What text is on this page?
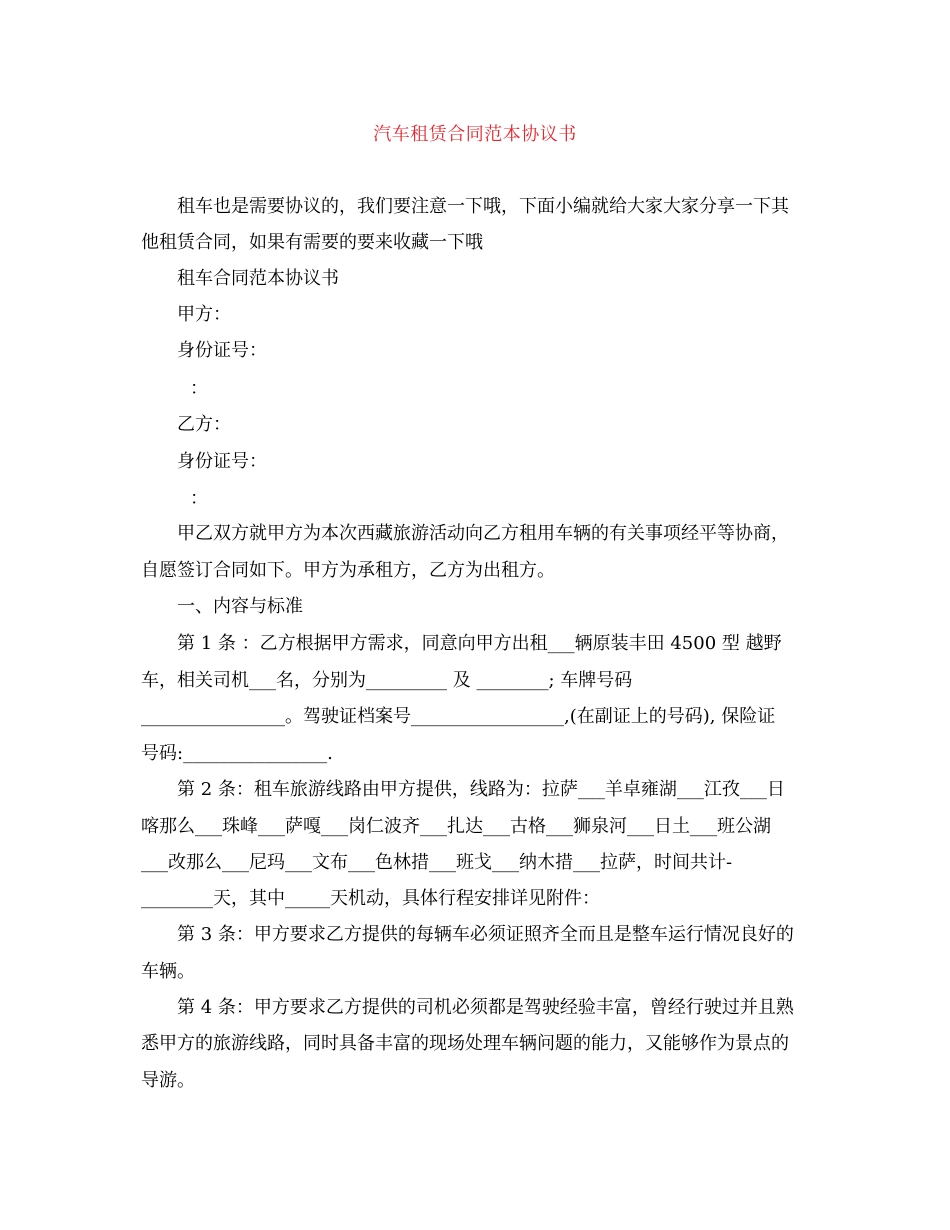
汽车租赁合同范本协议书
租车也是需要协议的，我们要注意一下哦，下面小编就给大家大家分享一下其
他租赁合同，如果有需要的要来收藏一下哦
租车合同范本协议书
甲方：
身份证号：
：
乙方：
身份证号：
：
甲乙双方就甲方为本次西藏旅游活动向乙方租用车辆的有关事项经平等协商，
自愿签订合同如下。甲方为承租方，乙方为出租方。
一、内容与标准
第 1 条 ：乙方根据甲方需求，同意向甲方出租___辆原装丰田 4500 型 越野
车，相关司机___名，分别为_________ 及 ________; 车牌号码
________________。驾驶证档案号_________________,(在副证上的号码), 保险证
号码:________________.
第 2 条：租车旅游线路由甲方提供，线路为：拉萨___羊卓雍湖___江孜___日
喀那么___珠峰___萨嘎___岗仁波齐___扎达___古格___狮泉河___日土___班公湖
___改那么___尼玛___文布___色林措___班戈___纳木措___拉萨，时间共计-
________天，其中_____天机动，具体行程安排详见附件：
第 3 条：甲方要求乙方提供的每辆车必须证照齐全而且是整车运行情况良好的
车辆。
第 4 条：甲方要求乙方提供的司机必须都是驾驶经验丰富，曾经行驶过并且熟
悉甲方的旅游线路，同时具备丰富的现场处理车辆问题的能力，又能够作为景点的
导游。
